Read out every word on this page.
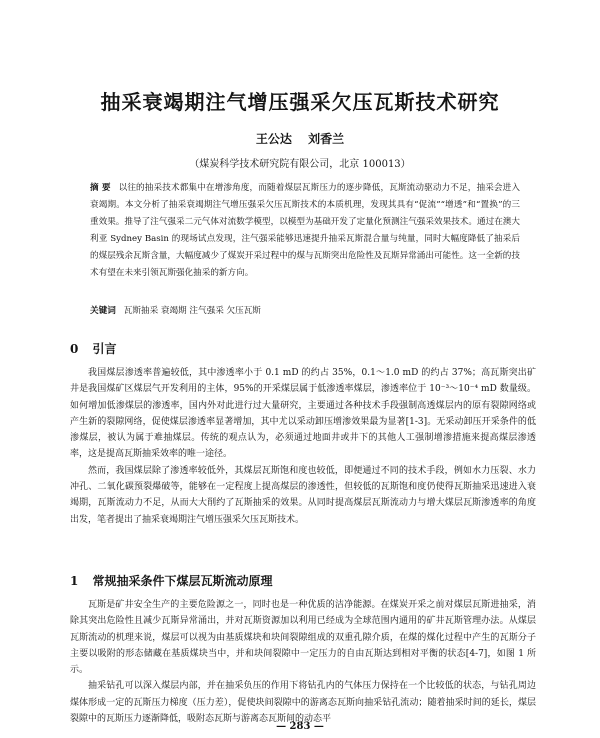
抽采衰竭期注气增压强采欠压瓦斯技术研究
王公达 刘香兰
（煤炭科学技术研究院有限公司，北京 100013）
摘 要 以往的抽采技术都集中在增渗角度，而随着煤层瓦斯压力的逐步降低，瓦斯流动驱动力不足，抽采会进入衰竭期。本文分析了抽采衰竭期注气增压强采欠压瓦斯技术的本质机理，发现其具有“促流”“增透”和“置换”的三重效果。推导了注气强采二元气体对流数学模型，以模型为基础开发了定量化预测注气强采效果技术。通过在澳大利亚 Sydney Basin 的现场试点发现，注气强采能够迅速提升抽采瓦斯混合量与纯量，同时大幅度降低了抽采后的煤层残余瓦斯含量，大幅度减少了煤炭开采过程中的煤与瓦斯突出危险性及瓦斯异常涌出可能性。这一全新的技术有望在未来引领瓦斯强化抽采的新方向。
关键词 瓦斯抽采 衰竭期 注气强采 欠压瓦斯
0 引言

我国煤层渗透率普遍较低，其中渗透率小于 0.1 mD 的约占 35%，0.1～1.0 mD 的约占 37%；高瓦斯突出矿井是我国煤矿区煤层气开发利用的主体，95%的开采煤层属于低渗透率煤层，渗透率位于 10⁻³～10⁻⁴ mD 数量级。如何增加低渗煤层的渗透率，国内外对此进行过大量研究，主要通过各种技术手段强制高透煤层内的原有裂隙网络或产生新的裂隙网络，促使煤层渗透率显著增加，其中尤以采动卸压增渗效果最为显著[1-3]。无采动卸压开采条件的低渗煤层，被认为属于难抽煤层。传统的观点认为，必须通过地面井或井下的其他人工强制增渗措施来提高煤层渗透率，这是提高瓦斯抽采效率的唯一途径。

然而，我国煤层除了渗透率较低外，其煤层瓦斯饱和度也较低，即便通过不同的技术手段，例如水力压裂、水力冲孔、二氧化碳预裂爆破等，能够在一定程度上提高煤层的渗透性，但较低的瓦斯饱和度仍使得瓦斯抽采迅速进入衰竭期，瓦斯流动力不足，从而大大削约了瓦斯抽采的效果。从同时提高煤层瓦斯流动力与增大煤层瓦斯渗透率的角度出发，笔者提出了抽采衰竭期注气增压强采欠压瓦斯技术。

1 常规抽采条件下煤层瓦斯流动原理

瓦斯是矿井安全生产的主要危险源之一，同时也是一种优质的洁净能源。在煤炭开采之前对煤层瓦斯进抽采，消除其突出危险性且减少瓦斯异常涌出，并对瓦斯资源加以利用已经成为全球范围内通用的矿井瓦斯管理办法。从煤层瓦斯流动的机理来说，煤层可以视为由基质煤块和块间裂隙组成的双重孔隙介质，在煤的煤化过程中产生的瓦斯分子主要以吸附的形态储藏在基质煤块当中，并和块间裂隙中一定压力的自由瓦斯达到相对平衡的状态[4-7]，如图 1 所示。

抽采钻孔可以深入煤层内部，并在抽采负压的作用下将钻孔内的气体压力保持在一个比较低的状态，与钻孔周边煤体形成一定的瓦斯压力梯度（压力差），促使块间裂隙中的游离态瓦斯向抽采钻孔流动；随着抽采时间的延长，煤层裂隙中的瓦斯压力逐渐降低，吸附态瓦斯与游离态瓦斯间的动态平

— 283 —
